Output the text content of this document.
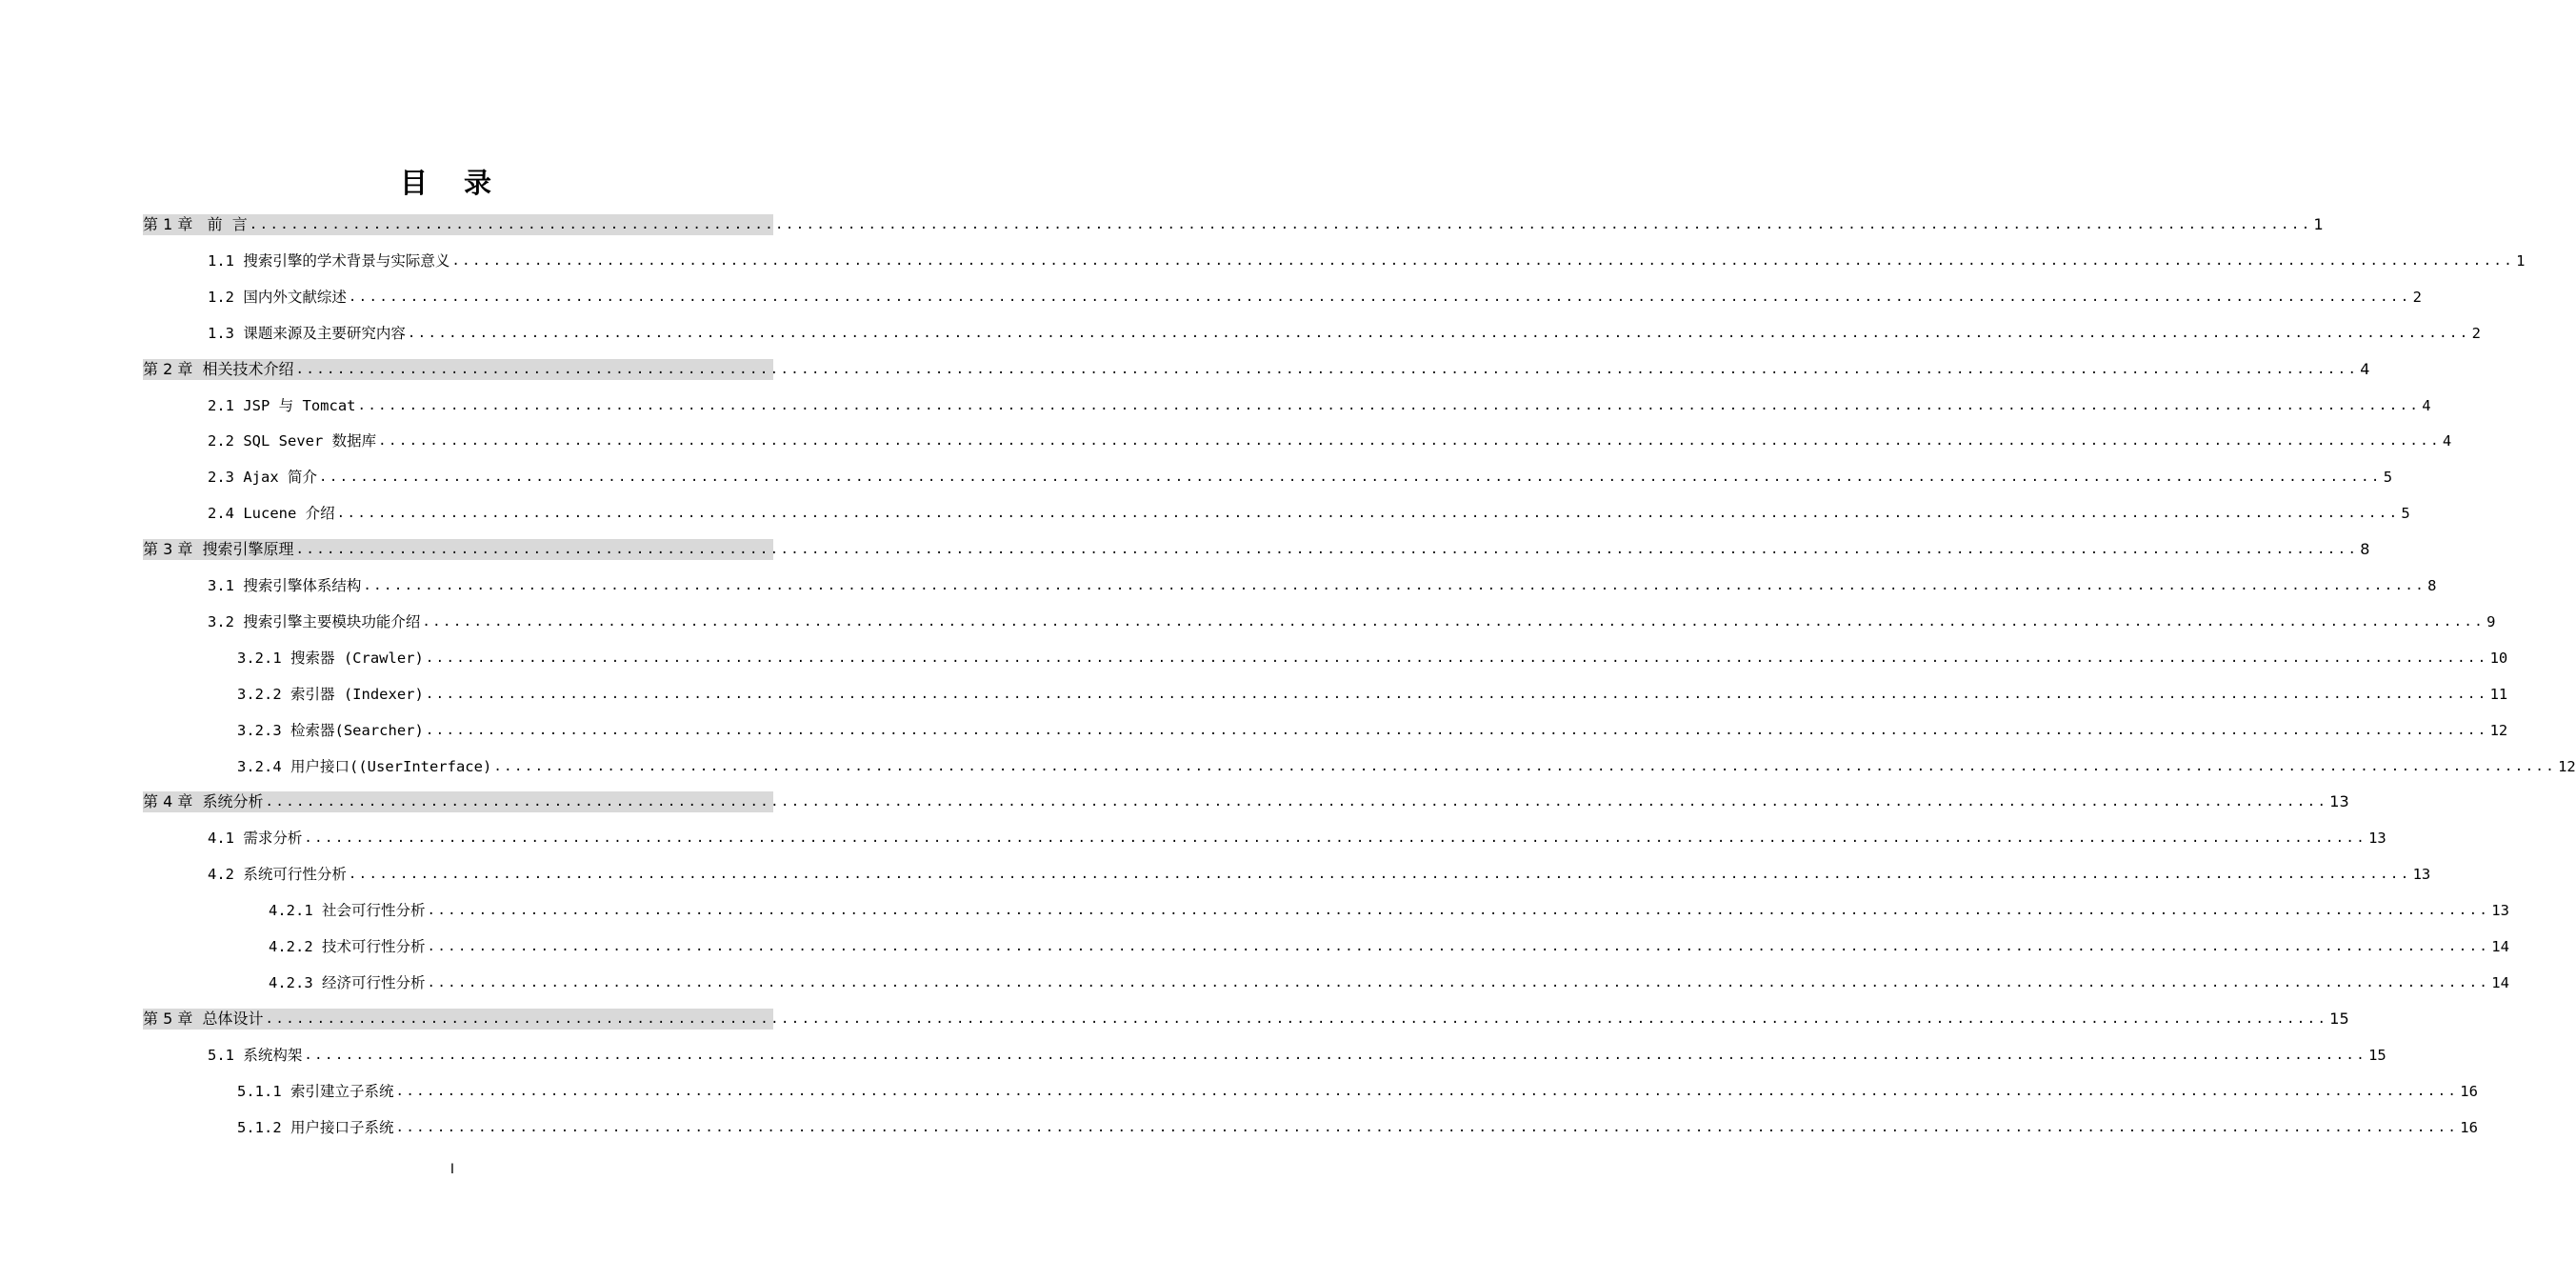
目 录
第 1 章   前  言 ........................................................................................................................................................................................................ 1
1.1 搜索引擎的学术背景与实际意义 ........................................................................................................................................................................................................ 1
1.2 国内外文献综述 ........................................................................................................................................................................................................ 2
1.3 课题来源及主要研究内容 ........................................................................................................................................................................................................ 2
第 2 章  相关技术介绍 ........................................................................................................................................................................................................ 4
2.1 JSP 与 Tomcat ........................................................................................................................................................................................................ 4
2.2 SQL Sever 数据库 ........................................................................................................................................................................................................ 4
2.3 Ajax 简介 ........................................................................................................................................................................................................ 5
2.4 Lucene 介绍 ........................................................................................................................................................................................................ 5
第 3 章  搜索引擎原理 ........................................................................................................................................................................................................ 8
3.1 搜索引擎体系结构 ........................................................................................................................................................................................................ 8
3.2 搜索引擎主要模块功能介绍 ........................................................................................................................................................................................................ 9
3.2.1 搜索器 (Crawler) ........................................................................................................................................................................................................ 10
3.2.2 索引器 (Indexer) ........................................................................................................................................................................................................ 11
3.2.3 检索器(Searcher) ........................................................................................................................................................................................................ 12
3.2.4 用户接口((UserInterface) ........................................................................................................................................................................................................ 12
第 4 章  系统分析 ........................................................................................................................................................................................................ 13
4.1 需求分析 ........................................................................................................................................................................................................ 13
4.2 系统可行性分析 ........................................................................................................................................................................................................ 13
4.2.1 社会可行性分析 ........................................................................................................................................................................................................ 13
4.2.2 技术可行性分析 ........................................................................................................................................................................................................ 14
4.2.3 经济可行性分析 ........................................................................................................................................................................................................ 14
第 5 章  总体设计 ........................................................................................................................................................................................................ 15
5.1 系统构架 ........................................................................................................................................................................................................ 15
5.1.1 索引建立子系统 ........................................................................................................................................................................................................ 16
5.1.2 用户接口子系统 ........................................................................................................................................................................................................ 16
I
